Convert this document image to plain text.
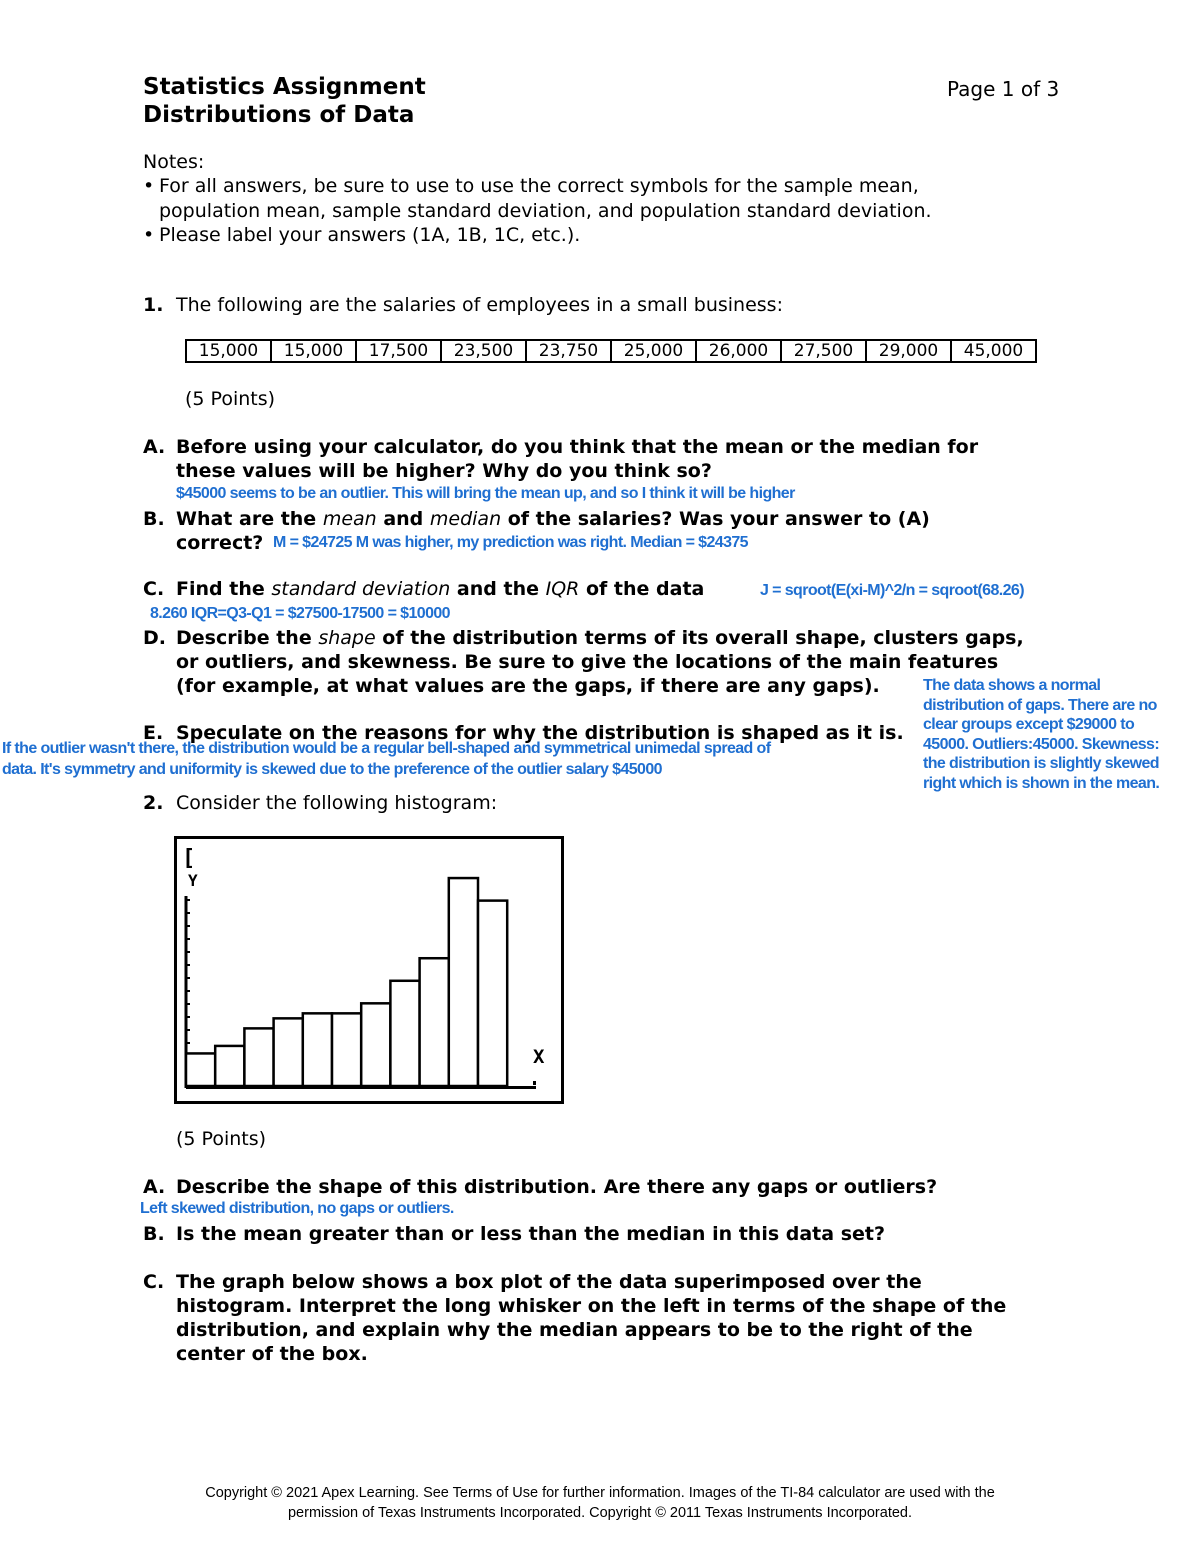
Statistics Assignment
Distributions of Data
Page 1 of 3
Notes:
• For all answers, be sure to use to use the correct symbols for the sample mean,
population mean, sample standard deviation, and population standard deviation.
• Please label your answers (1A, 1B, 1C, etc.).
1. The following are the salaries of employees in a small business:
15,000	15,000	17,500	23,500	23,750	25,000	26,000	27,500	29,000	45,000
(5 Points)
A. Before using your calculator, do you think that the mean or the median for
these values will be higher? Why do you think so?
$45000 seems to be an outlier. This will bring the mean up, and so I think it will be higher
B. What are the mean and median of the salaries? Was your answer to (A)
correct? M = $24725 M was higher, my prediction was right. Median = $24375
C. Find the standard deviation and the IQR of the data	J = sqroot(E(xi-M)^2/n = sqroot(68.26)
8.260 IQR=Q3-Q1 = $27500-17500 = $10000
D. Describe the shape of the distribution terms of its overall shape, clusters gaps,
or outliers, and skewness. Be sure to give the locations of the main features
(for example, at what values are the gaps, if there are any gaps).	The data shows a normal
distribution of gaps. There are no
clear groups except $29000 to
45000. Outliers:45000. Skewness:
the distribution is slightly skewed
right which is shown in the mean.
E. Speculate on the reasons for why the distribution is shaped as it is.
If the outlier wasn't there, the distribution would be a regular bell-shaped and symmetrical unimedal spread of
data. It's symmetry and uniformity is skewed due to the preference of the outlier salary $45000
2. Consider the following histogram:
[
Y
X
(5 Points)
A. Describe the shape of this distribution. Are there any gaps or outliers?
Left skewed distribution, no gaps or outliers.
B. Is the mean greater than or less than the median in this data set?
C. The graph below shows a box plot of the data superimposed over the
histogram. Interpret the long whisker on the left in terms of the shape of the
distribution, and explain why the median appears to be to the right of the
center of the box.
Copyright © 2021 Apex Learning. See Terms of Use for further information. Images of the TI-84 calculator are used with the
permission of Texas Instruments Incorporated. Copyright © 2011 Texas Instruments Incorporated.
